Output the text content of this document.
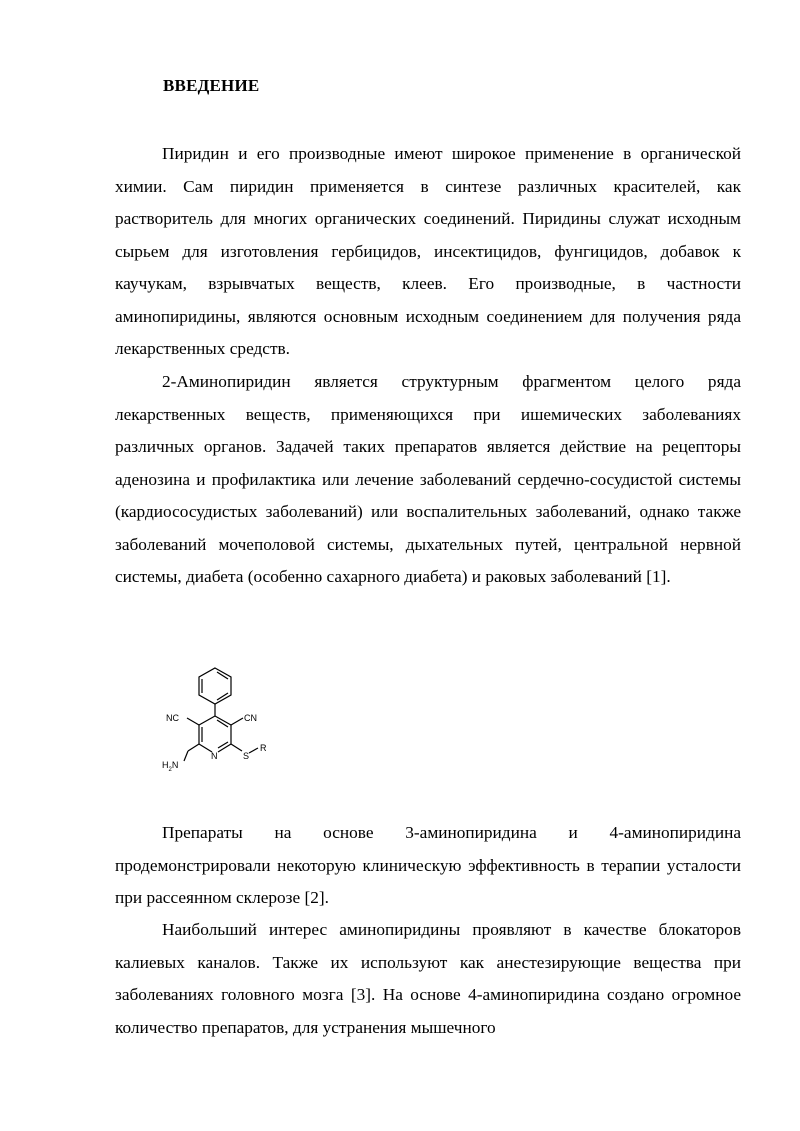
ВВЕДЕНИЕ

Пиридин и его производные имеют широкое применение в органической химии. Сам пиридин применяется в синтезе различных красителей, как растворитель для многих органических соединений. Пиридины служат исходным сырьем для изготовления гербицидов, инсектицидов, фунгицидов, добавок к каучукам, взрывчатых веществ, клеев. Его производные, в частности аминопиридины, являются основным исходным соединением для получения ряда лекарственных средств.

2-Аминопиридин является структурным фрагментом целого ряда лекарственных веществ, применяющихся при ишемических заболеваниях различных органов. Задачей таких препаратов является действие на рецепторы аденозина и профилактика или лечение заболеваний сердечно-сосудистой системы (кардиососудистых заболеваний) или воспалительных заболеваний, однако также заболеваний мочеполовой системы, дыхательных путей, центральной нервной системы, диабета (особенно сахарного диабета) и раковых заболеваний [1].

NC	CN
$H_2N$
N	S
R

Препараты на основе 3-аминопиридина и 4-аминопиридина продемонстрировали некоторую клиническую эффективность в терапии усталости при рассеянном склерозе [2].

Наибольший интерес аминопиридины проявляют в качестве блокаторов калиевых каналов. Также их используют как анестезирующие вещества при заболеваниях головного мозга [3]. На основе 4-аминопиридина создано огромное количество препаратов, для устранения мышечного
